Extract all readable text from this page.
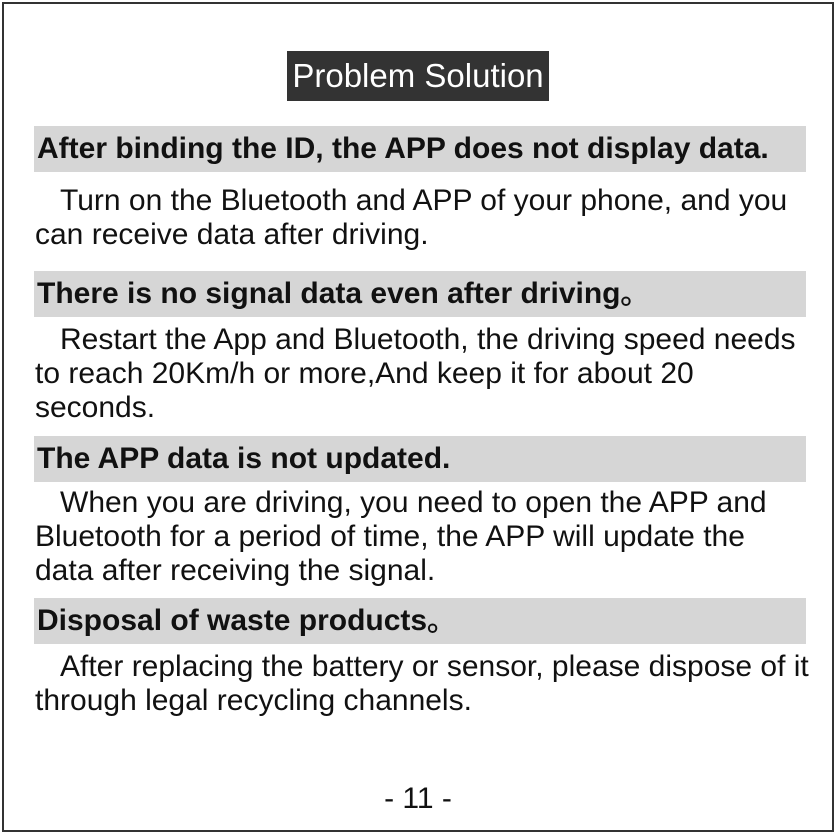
Problem Solution
After binding the ID, the APP does not display data.
Turn on the Bluetooth and APP of your phone, and you can receive data after driving.
There is no signal data even after driving。
Restart the App and Bluetooth, the driving speed needs to reach 20Km/h or more,And keep it for about 20 seconds.
The APP data is not updated.
When you are driving, you need to open the APP and Bluetooth for a period of time, the APP will update the data after receiving the signal.
Disposal of waste products。
After replacing the battery or sensor, please dispose of it through legal recycling channels.
- 11 -
